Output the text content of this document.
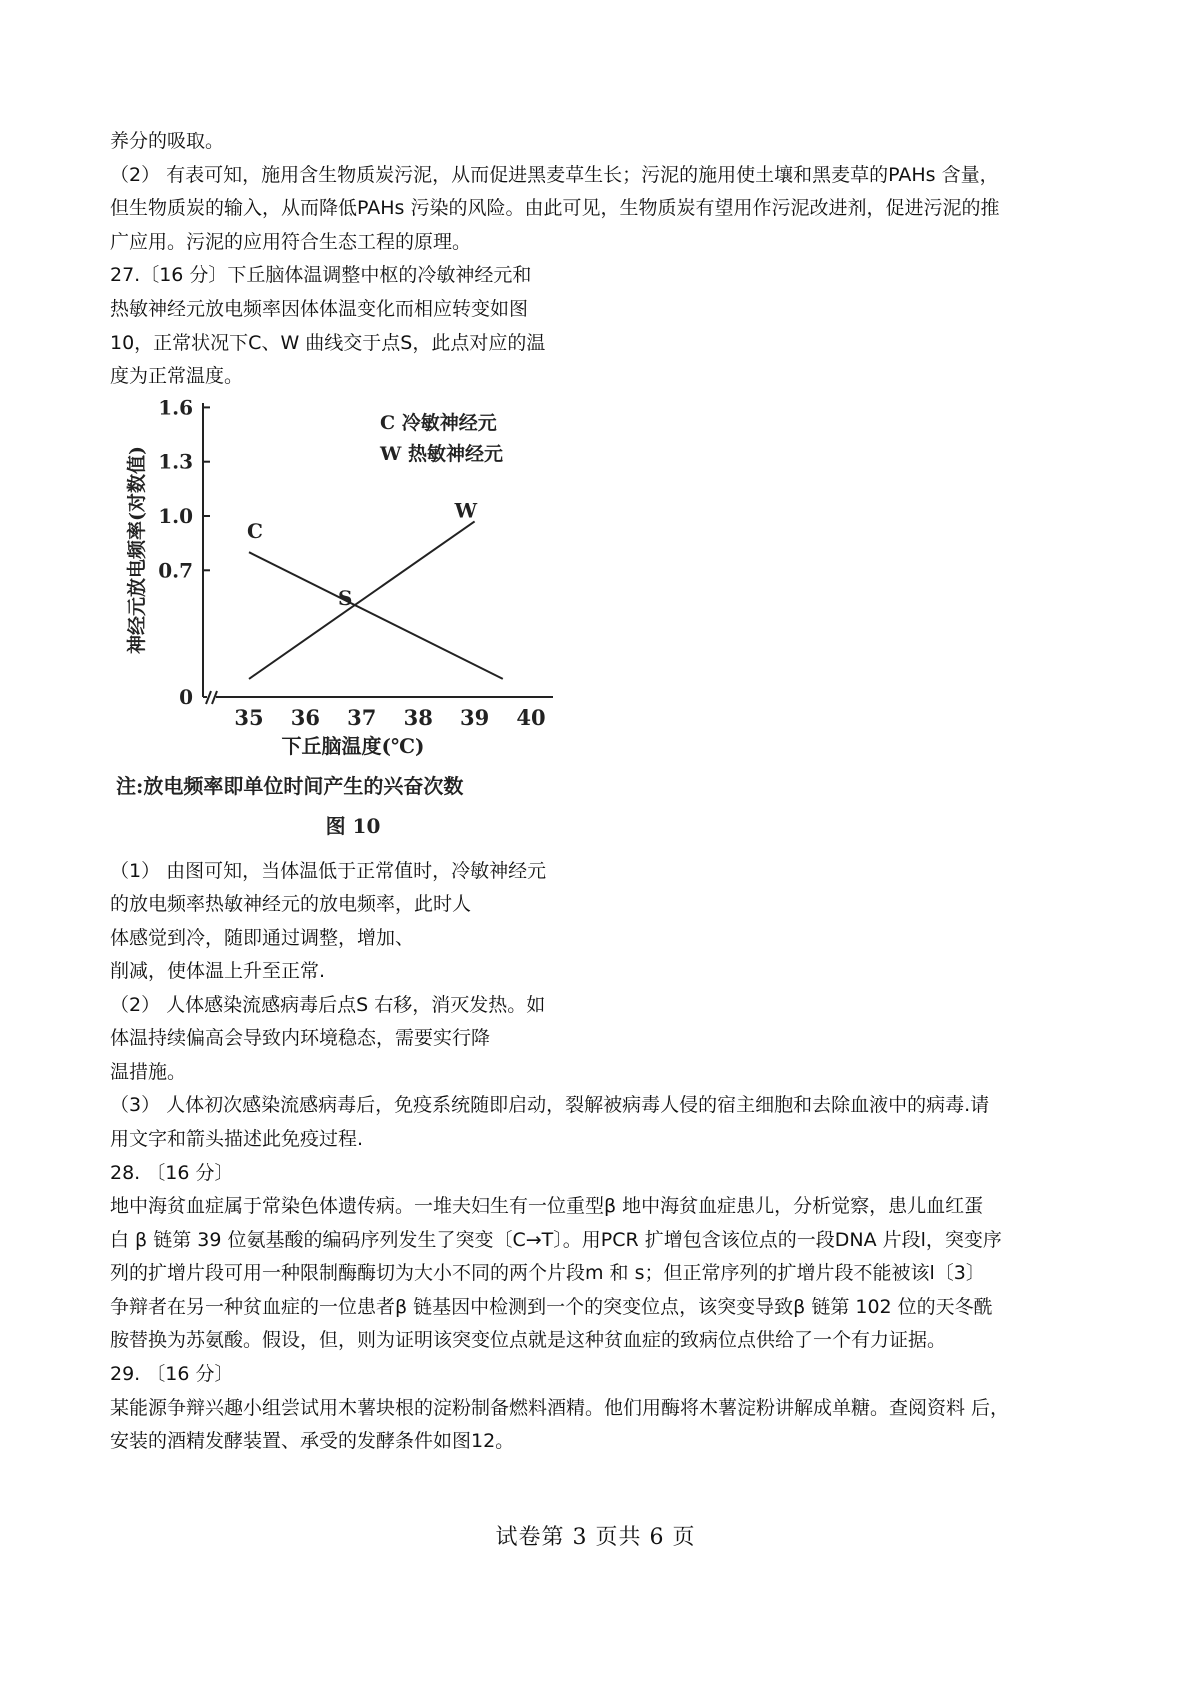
养分的吸取。
（2） 有表可知，施用含生物质炭污泥，从而促进黑麦草生长；污泥的施用使土壤和黑麦草的PAHs 含量，
但生物质炭的输入，从而降低PAHs 污染的风险。由此可见，生物质炭有望用作污泥改进剂，促进污泥的推
广应用。污泥的应用符合生态工程的原理。
27.〔16 分〕下丘脑体温调整中枢的冷敏神经元和
热敏神经元放电频率因体体温变化而相应转变如图
10，正常状况下C、W 曲线交于点S，此点对应的温
度为正常温度。
0
0.7
1.0
1.3
1.6
35 36 37 38 39 40
C
W
S
C 冷敏神经元
W 热敏神经元
神经元放电频率(对数值)
下丘脑温度(℃)
注:放电频率即单位时间产生的兴奋次数
图 10
（1） 由图可知，当体温低于正常值时，冷敏神经元
的放电频率热敏神经元的放电频率，此时人
体感觉到冷，随即通过调整，增加、
削减，使体温上升至正常.
（2） 人体感染流感病毒后点S 右移，消灭发热。如
体温持续偏高会导致内环境稳态，需要实行降
温措施。
（3） 人体初次感染流感病毒后，免疫系统随即启动，裂解被病毒人侵的宿主细胞和去除血液中的病毒.请
用文字和箭头描述此免疫过程.
28. 〔16 分〕
地中海贫血症属于常染色体遗传病。一堆夫妇生有一位重型β 地中海贫血症患儿，分析觉察，患儿血红蛋
白 β 链第 39 位氨基酸的编码序列发生了突变〔C→T〕。用PCR 扩增包含该位点的一段DNA 片段l，突变序
列的扩增片段可用一种限制酶酶切为大小不同的两个片段m 和 s；但正常序列的扩增片段不能被该l〔3〕
争辩者在另一种贫血症的一位患者β 链基因中检测到一个的突变位点，该突变导致β 链第 102 位的天冬酰
胺替换为苏氨酸。假设，但，则为证明该突变位点就是这种贫血症的致病位点供给了一个有力证据。
29. 〔16 分〕
某能源争辩兴趣小组尝试用木薯块根的淀粉制备燃料酒精。他们用酶将木薯淀粉讲解成单糖。查阅资料 后，
安装的酒精发酵装置、承受的发酵条件如图12。
试卷第 3 页共 6 页
